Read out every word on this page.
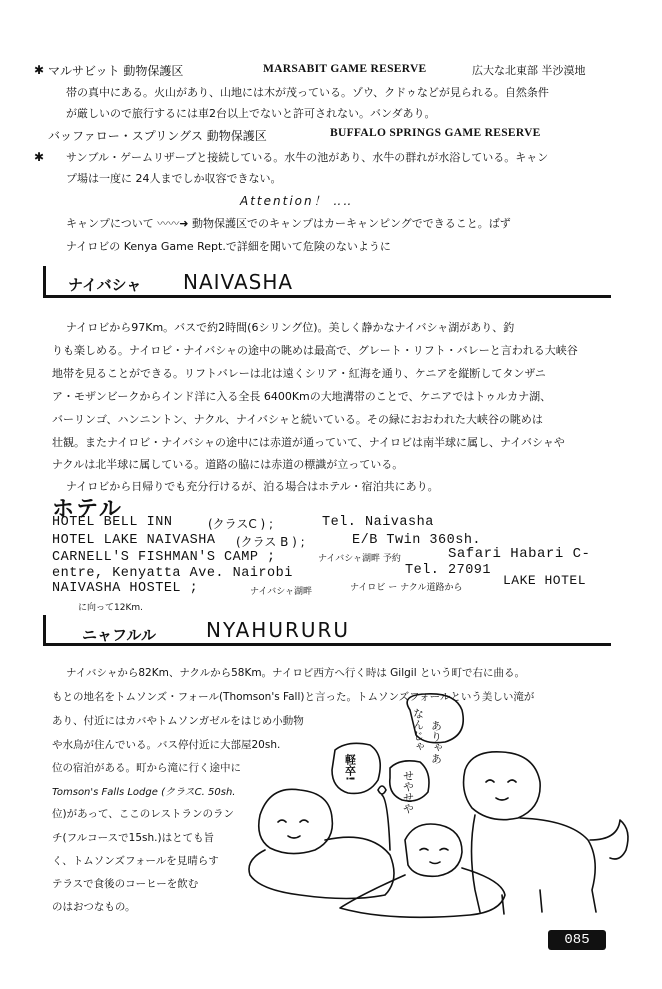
✱ マルサビット 動物保護区	MARSABIT GAME RESERVE	広大な北東部 半沙漠地
帯の真中にある。火山があり、山地には木が茂っている。ゾウ、クドゥなどが見られる。自然条件
が厳しいので旅行するには車2台以上でないと許可されない。バンダあり。
バッファロー・スプリングス 動物保護区	BUFFALO SPRINGS GAME RESERVE
✱ サンブル・ゲームリザーブと接続している。水牛の池があり、水牛の群れが水浴している。キャン
プ場は一度に 24人までしか収容できない。
Attention！ ‥‥
キャンプについて 〰〰➜ 動物保護区でのキャンプはカーキャンピングでできること。ばず
ナイロビの Kenya Game Rept.で詳細を聞いて危険のないように
ナイバシャ NAIVASHA
ナイロビから97Km。バスで約2時間(6シリング位)。美しく静かなナイバシャ湖があり、釣
りも楽しめる。ナイロビ・ナイバシャの途中の眺めは最高で、グレート・リフト・バレーと言われる大峡谷
地帯を見ることができる。リフトバレーは北は遠くシリア・紅海を通り、ケニアを縦断してタンザニ
ア・モザンビークからインド洋に入る全長 6400Kmの大地溝帯のことで、ケニアではトゥルカナ湖、
バーリンゴ、ハンニントン、ナクル、ナイバシャと続いている。その緑におおわれた大峡谷の眺めは
壮観。またナイロビ・ナイバシャの途中には赤道が通っていて、ナイロビは南半球に属し、ナイバシャや
ナクルは北半球に属している。道路の脇には赤道の標識が立っている。
ナイロビから日帰りでも充分行けるが、泊る場合はホテル・宿泊共にあり。
ホテル
HOTEL BELL INN	(クラスC ) ;	Tel. Naivasha
HOTEL LAKE NAIVASHA (クラス B ) ;	E/B Twin 360sh.
CARNELL'S FISHMAN'S CAMP ;	ナイバシャ湖畔 予約	Safari Habari C-
entre, Kenyatta Ave. Nairobi	Tel. 27091
NAIVASHA HOSTEL ;	ナイバシャ湖畔	ナイロビ ー ナクル道路から	LAKE HOTEL
に向って12Km.
ニャフルル NYAHURURU
ナイバシャから82Km、ナクルから58Km。ナイロビ西方へ行く時は Gilgil という町で右に曲る。
もとの地名をトムソンズ・フォール(Thomson's Fall)と言った。トムソンズフォールという美しい滝が
あり、付近にはカバやトムソンガゼルをはじめ小動物
や水鳥が住んでいる。バス停付近に大部屋20sh.
位の宿泊がある。町から滝に行く途中に
Tomson's Falls Lodge (クラスC. 50sh.
位)があって、ここのレストランのラン
チ(フルコースで15sh.)はとても旨
く、トムソンズフォールを見晴らす
テラスで食後のコーヒーを飲む
のはおつなもの。
なんじゃ ありゃあ
軽卒!
せやせや
085
